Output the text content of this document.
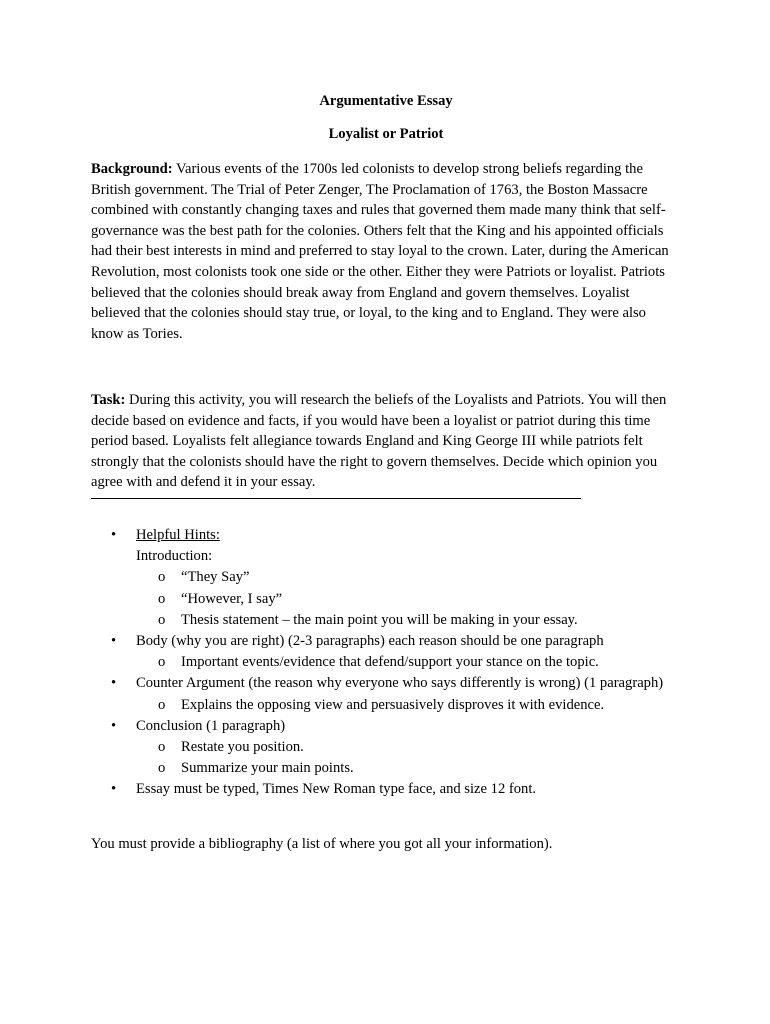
Argumentative Essay
Loyalist or Patriot

Background: Various events of the 1700s led colonists to develop strong beliefs regarding the British government. The Trial of Peter Zenger, The Proclamation of 1763, the Boston Massacre combined with constantly changing taxes and rules that governed them made many think that self-governance was the best path for the colonies. Others felt that the King and his appointed officials had their best interests in mind and preferred to stay loyal to the crown. Later, during the American Revolution, most colonists took one side or the other. Either they were Patriots or loyalist. Patriots believed that the colonies should break away from England and govern themselves. Loyalist believed that the colonies should stay true, or loyal, to the king and to England. They were also know as Tories.

Task: During this activity, you will research the beliefs of the Loyalists and Patriots. You will then decide based on evidence and facts, if you would have been a loyalist or patriot during this time period based. Loyalists felt allegiance towards England and King George III while patriots felt strongly that the colonists should have the right to govern themselves. Decide which opinion you agree with and defend it in your essay.

• Helpful Hints:
Introduction:
o “They Say”
o “However, I say”
o Thesis statement – the main point you will be making in your essay.
• Body (why you are right) (2-3 paragraphs) each reason should be one paragraph
o Important events/evidence that defend/support your stance on the topic.
• Counter Argument (the reason why everyone who says differently is wrong) (1 paragraph)
o Explains the opposing view and persuasively disproves it with evidence.
• Conclusion (1 paragraph)
o Restate you position.
o Summarize your main points.
• Essay must be typed, Times New Roman type face, and size 12 font.
You must provide a bibliography (a list of where you got all your information).
